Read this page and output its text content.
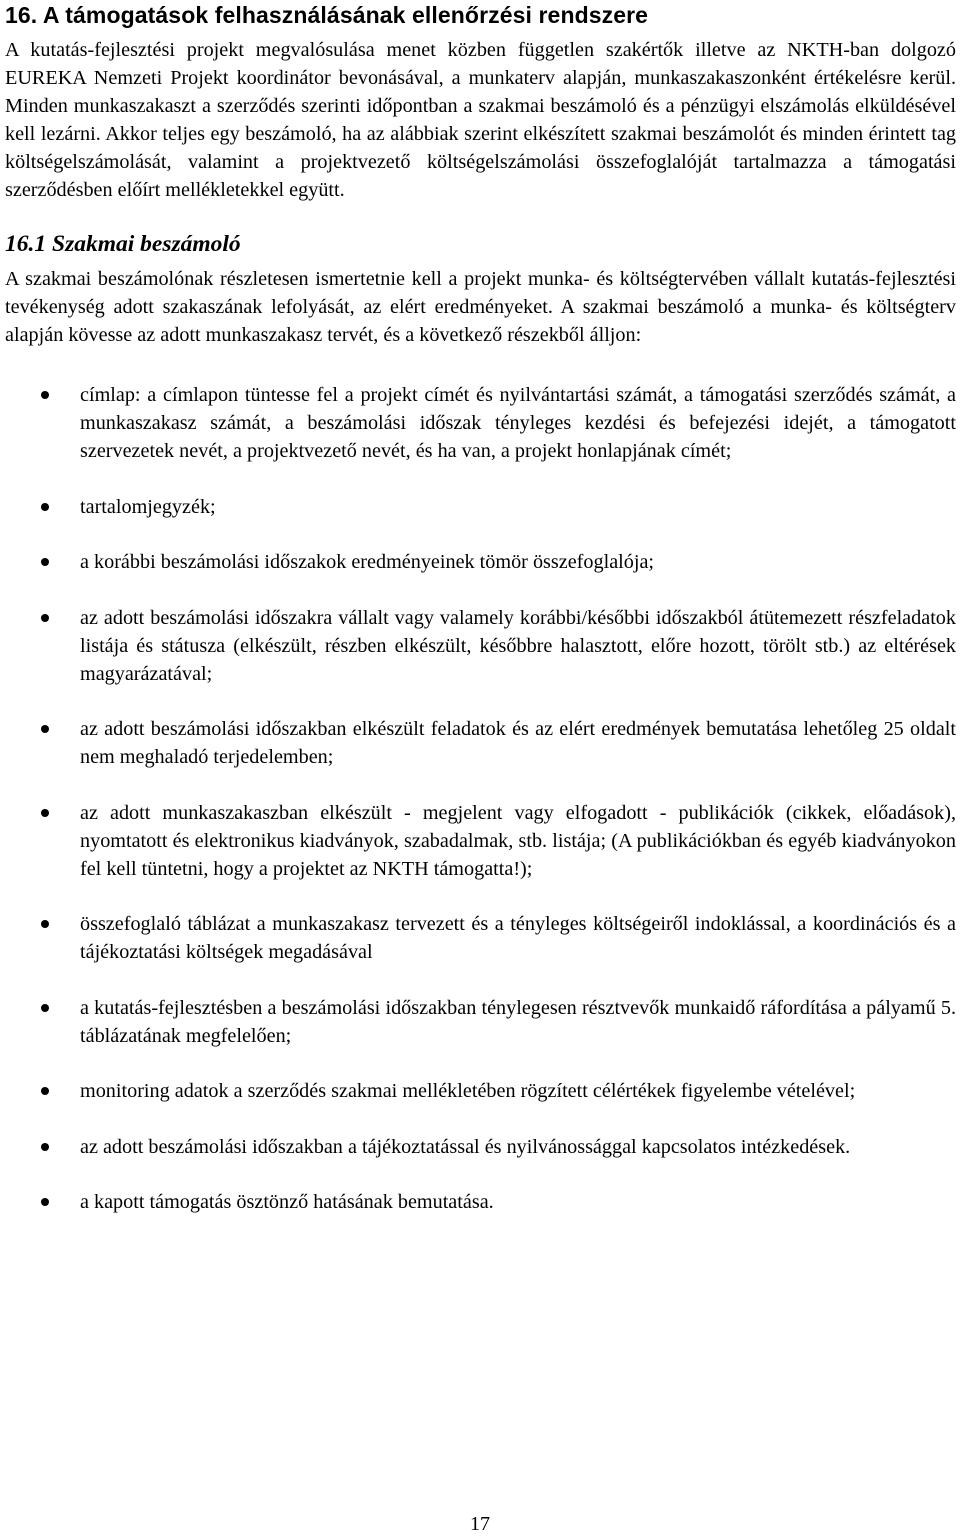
16. A támogatások felhasználásának ellenőrzési rendszere

A kutatás-fejlesztési projekt megvalósulása menet közben független szakértők illetve az NKTH-ban dolgozó EUREKA Nemzeti Projekt koordinátor bevonásával, a munkaterv alapján, munkaszakaszonként értékelésre kerül. Minden munkaszakaszt a szerződés szerinti időpontban a szakmai beszámoló és a pénzügyi elszámolás elküldésével kell lezárni. Akkor teljes egy beszámoló, ha az alábbiak szerint elkészített szakmai beszámolót és minden érintett tag költségelszámolását, valamint a projektvezető költségelszámolási összefoglalóját tartalmazza a támogatási szerződésben előírt mellékletekkel együtt.

16.1 Szakmai beszámoló

A szakmai beszámolónak részletesen ismertetnie kell a projekt munka- és költségtervében vállalt kutatás-fejlesztési tevékenység adott szakaszának lefolyását, az elért eredményeket. A szakmai beszámoló a munka- és költségterv alapján kövesse az adott munkaszakasz tervét, és a következő részekből álljon:

címlap: a címlapon tüntesse fel a projekt címét és nyilvántartási számát, a támogatási szerződés számát, a munkaszakasz számát, a beszámolási időszak tényleges kezdési és befejezési idejét, a támogatott szervezetek nevét, a projektvezető nevét, és ha van, a projekt honlapjának címét;
tartalomjegyzék;
a korábbi beszámolási időszakok eredményeinek tömör összefoglalója;
az adott beszámolási időszakra vállalt vagy valamely korábbi/későbbi időszakból átütemezett részfeladatok listája és státusza (elkészült, részben elkészült, későbbre halasztott, előre hozott, törölt stb.) az eltérések magyarázatával;
az adott beszámolási időszakban elkészült feladatok és az elért eredmények bemutatása lehetőleg 25 oldalt nem meghaladó terjedelemben;
az adott munkaszakaszban elkészült - megjelent vagy elfogadott - publikációk (cikkek, előadások), nyomtatott és elektronikus kiadványok, szabadalmak, stb. listája; (A publikációkban és egyéb kiadványokon fel kell tüntetni, hogy a projektet az NKTH támogatta!);
összefoglaló táblázat a munkaszakasz tervezett és a tényleges költségeiről indoklással, a koordinációs és a tájékoztatási költségek megadásával
a kutatás-fejlesztésben a beszámolási időszakban ténylegesen résztvevők munkaidő ráfordítása a pályamű 5. táblázatának megfelelően;
monitoring adatok a szerződés szakmai mellékletében rögzített célértékek figyelembe vételével;
az adott beszámolási időszakban a tájékoztatással és nyilvánossággal kapcsolatos intézkedések.
a kapott támogatás ösztönző hatásának bemutatása.
17
